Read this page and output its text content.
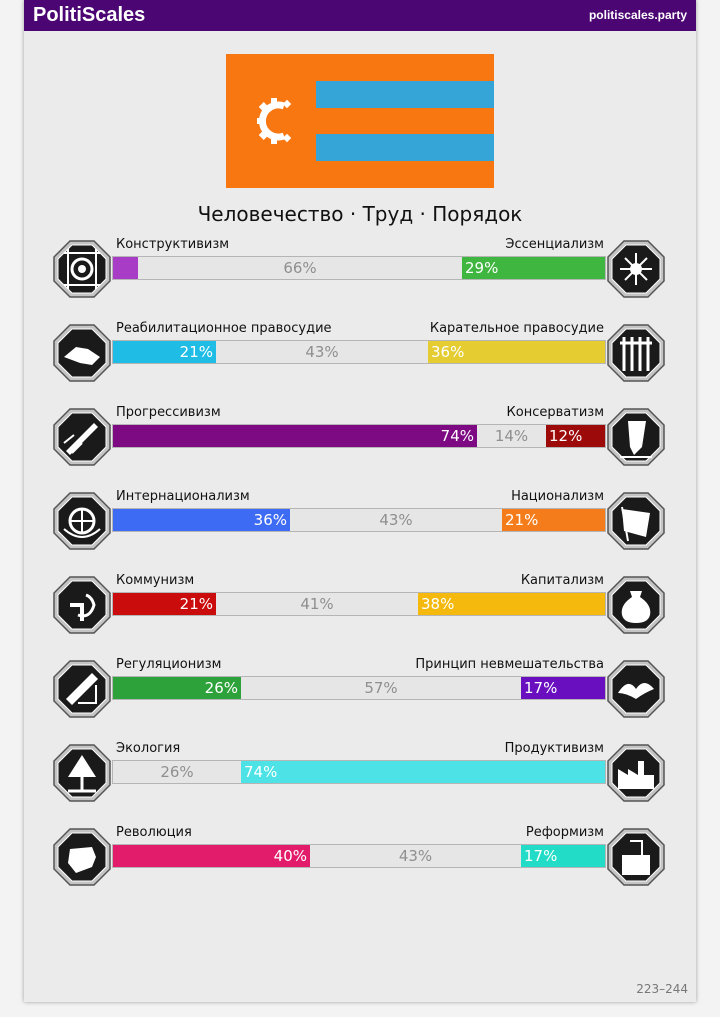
PolitiScales	politiscales.party
Человечество · Труд · Порядок
Конструктивизм	Эссенциализм
66%	29%
Реабилитационное правосудие	Карательное правосудие
21%	43%	36%
Прогрессивизм	Консерватизм
74%	14%	12%
Интернационализм	Национализм
36%	43%	21%
Коммунизм	Капитализм
21%	41%	38%
Регуляционизм	Принцип невмешательства
26%	57%	17%
Экология	Продуктивизм
26%	74%
Революция	Реформизм
40%	43%	17%
223–244
